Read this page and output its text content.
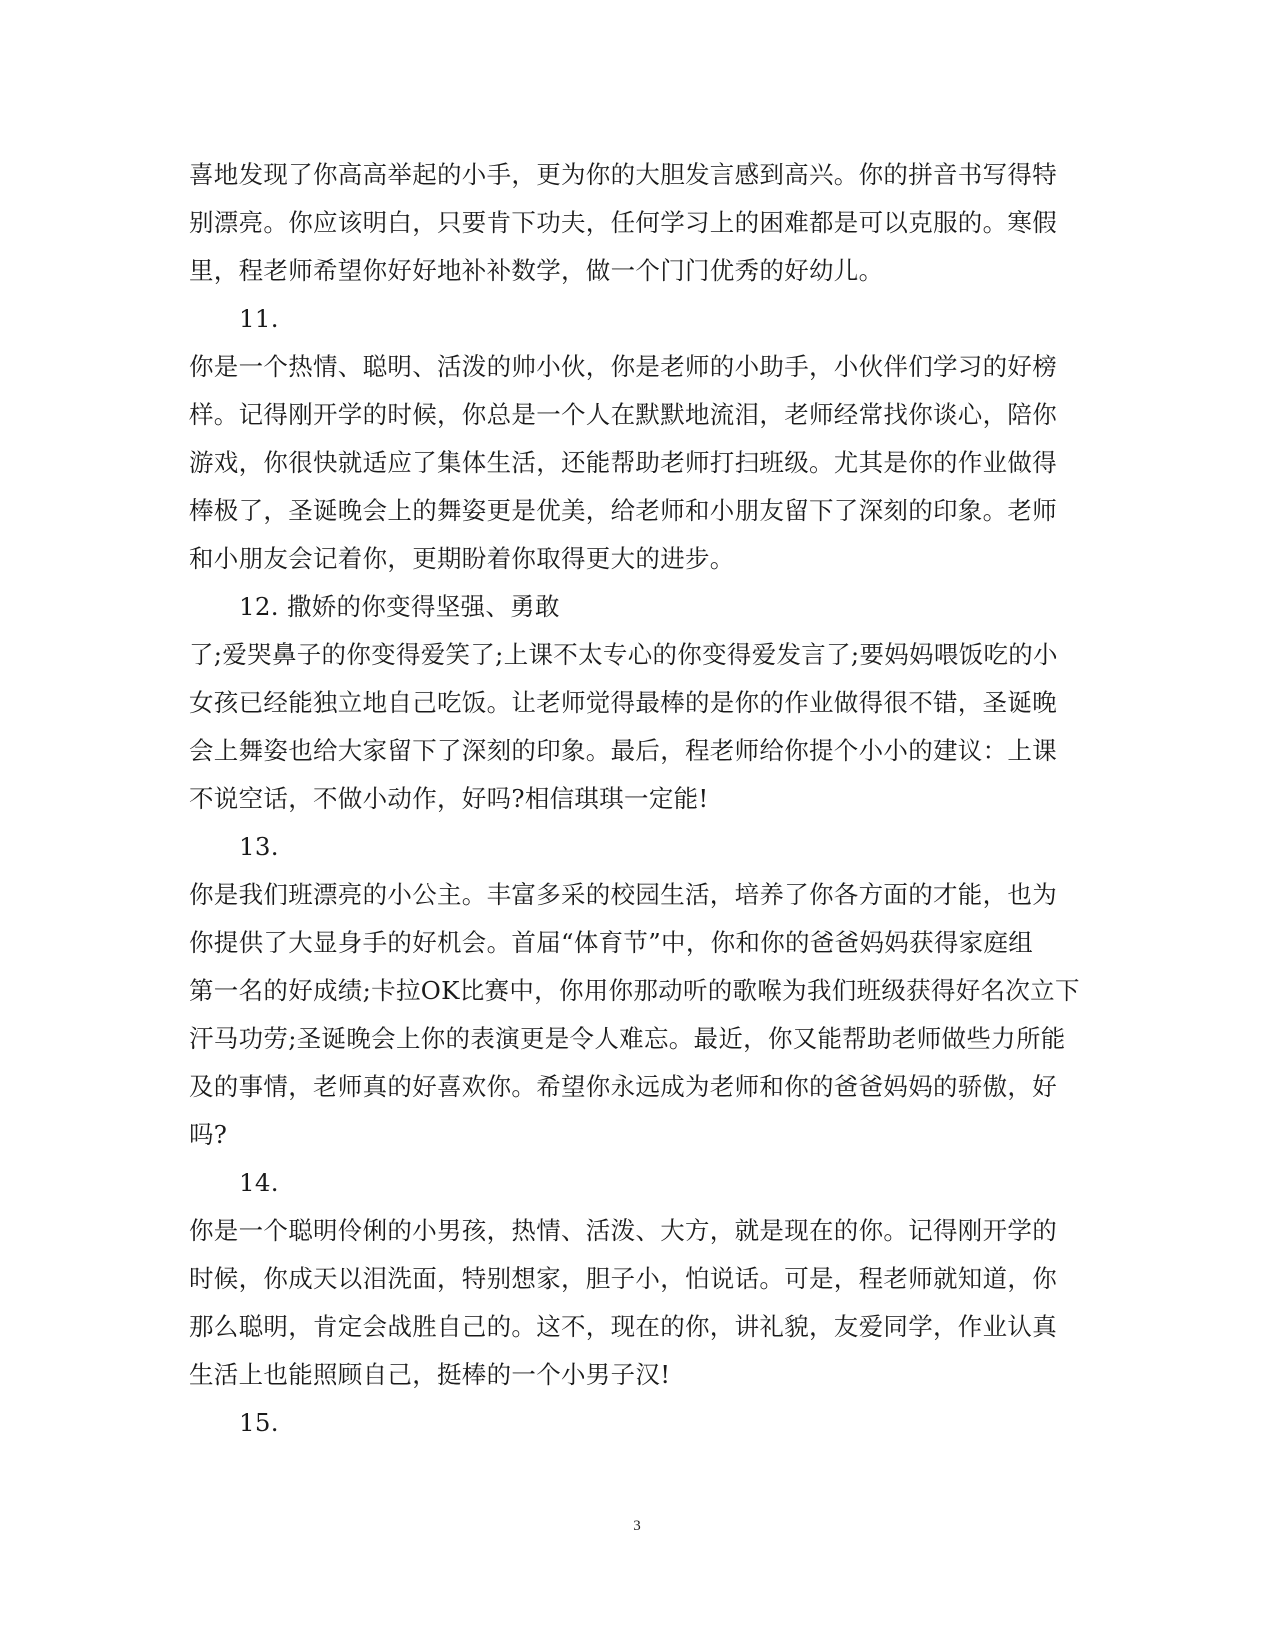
喜地发现了你高高举起的小手，更为你的大胆发言感到高兴。你的拼音书写得特
别漂亮。你应该明白，只要肯下功夫，任何学习上的困难都是可以克服的。寒假
里，程老师希望你好好地补补数学，做一个门门优秀的好幼儿。
11.
你是一个热情、聪明、活泼的帅小伙，你是老师的小助手，小伙伴们学习的好榜
样。记得刚开学的时候，你总是一个人在默默地流泪，老师经常找你谈心，陪你
游戏，你很快就适应了集体生活，还能帮助老师打扫班级。尤其是你的作业做得
棒极了，圣诞晚会上的舞姿更是优美，给老师和小朋友留下了深刻的印象。老师
和小朋友会记着你，更期盼着你取得更大的进步。
12. 撒娇的你变得坚强、勇敢
了;爱哭鼻子的你变得爱笑了;上课不太专心的你变得爱发言了;要妈妈喂饭吃的小
女孩已经能独立地自己吃饭。让老师觉得最棒的是你的作业做得很不错，圣诞晚
会上舞姿也给大家留下了深刻的印象。最后，程老师给你提个小小的建议：上课
不说空话，不做小动作，好吗?相信琪琪一定能!
13.
你是我们班漂亮的小公主。丰富多采的校园生活，培养了你各方面的才能，也为
你提供了大显身手的好机会。首届“体育节”中，你和你的爸爸妈妈获得家庭组
第一名的好成绩;卡拉OK比赛中，你用你那动听的歌喉为我们班级获得好名次立下
汗马功劳;圣诞晚会上你的表演更是令人难忘。最近，你又能帮助老师做些力所能
及的事情，老师真的好喜欢你。希望你永远成为老师和你的爸爸妈妈的骄傲，好
吗?
14.
你是一个聪明伶俐的小男孩，热情、活泼、大方，就是现在的你。记得刚开学的
时候，你成天以泪洗面，特别想家，胆子小，怕说话。可是，程老师就知道，你
那么聪明，肯定会战胜自己的。这不，现在的你，讲礼貌，友爱同学，作业认真
生活上也能照顾自己，挺棒的一个小男子汉!
15.
3
